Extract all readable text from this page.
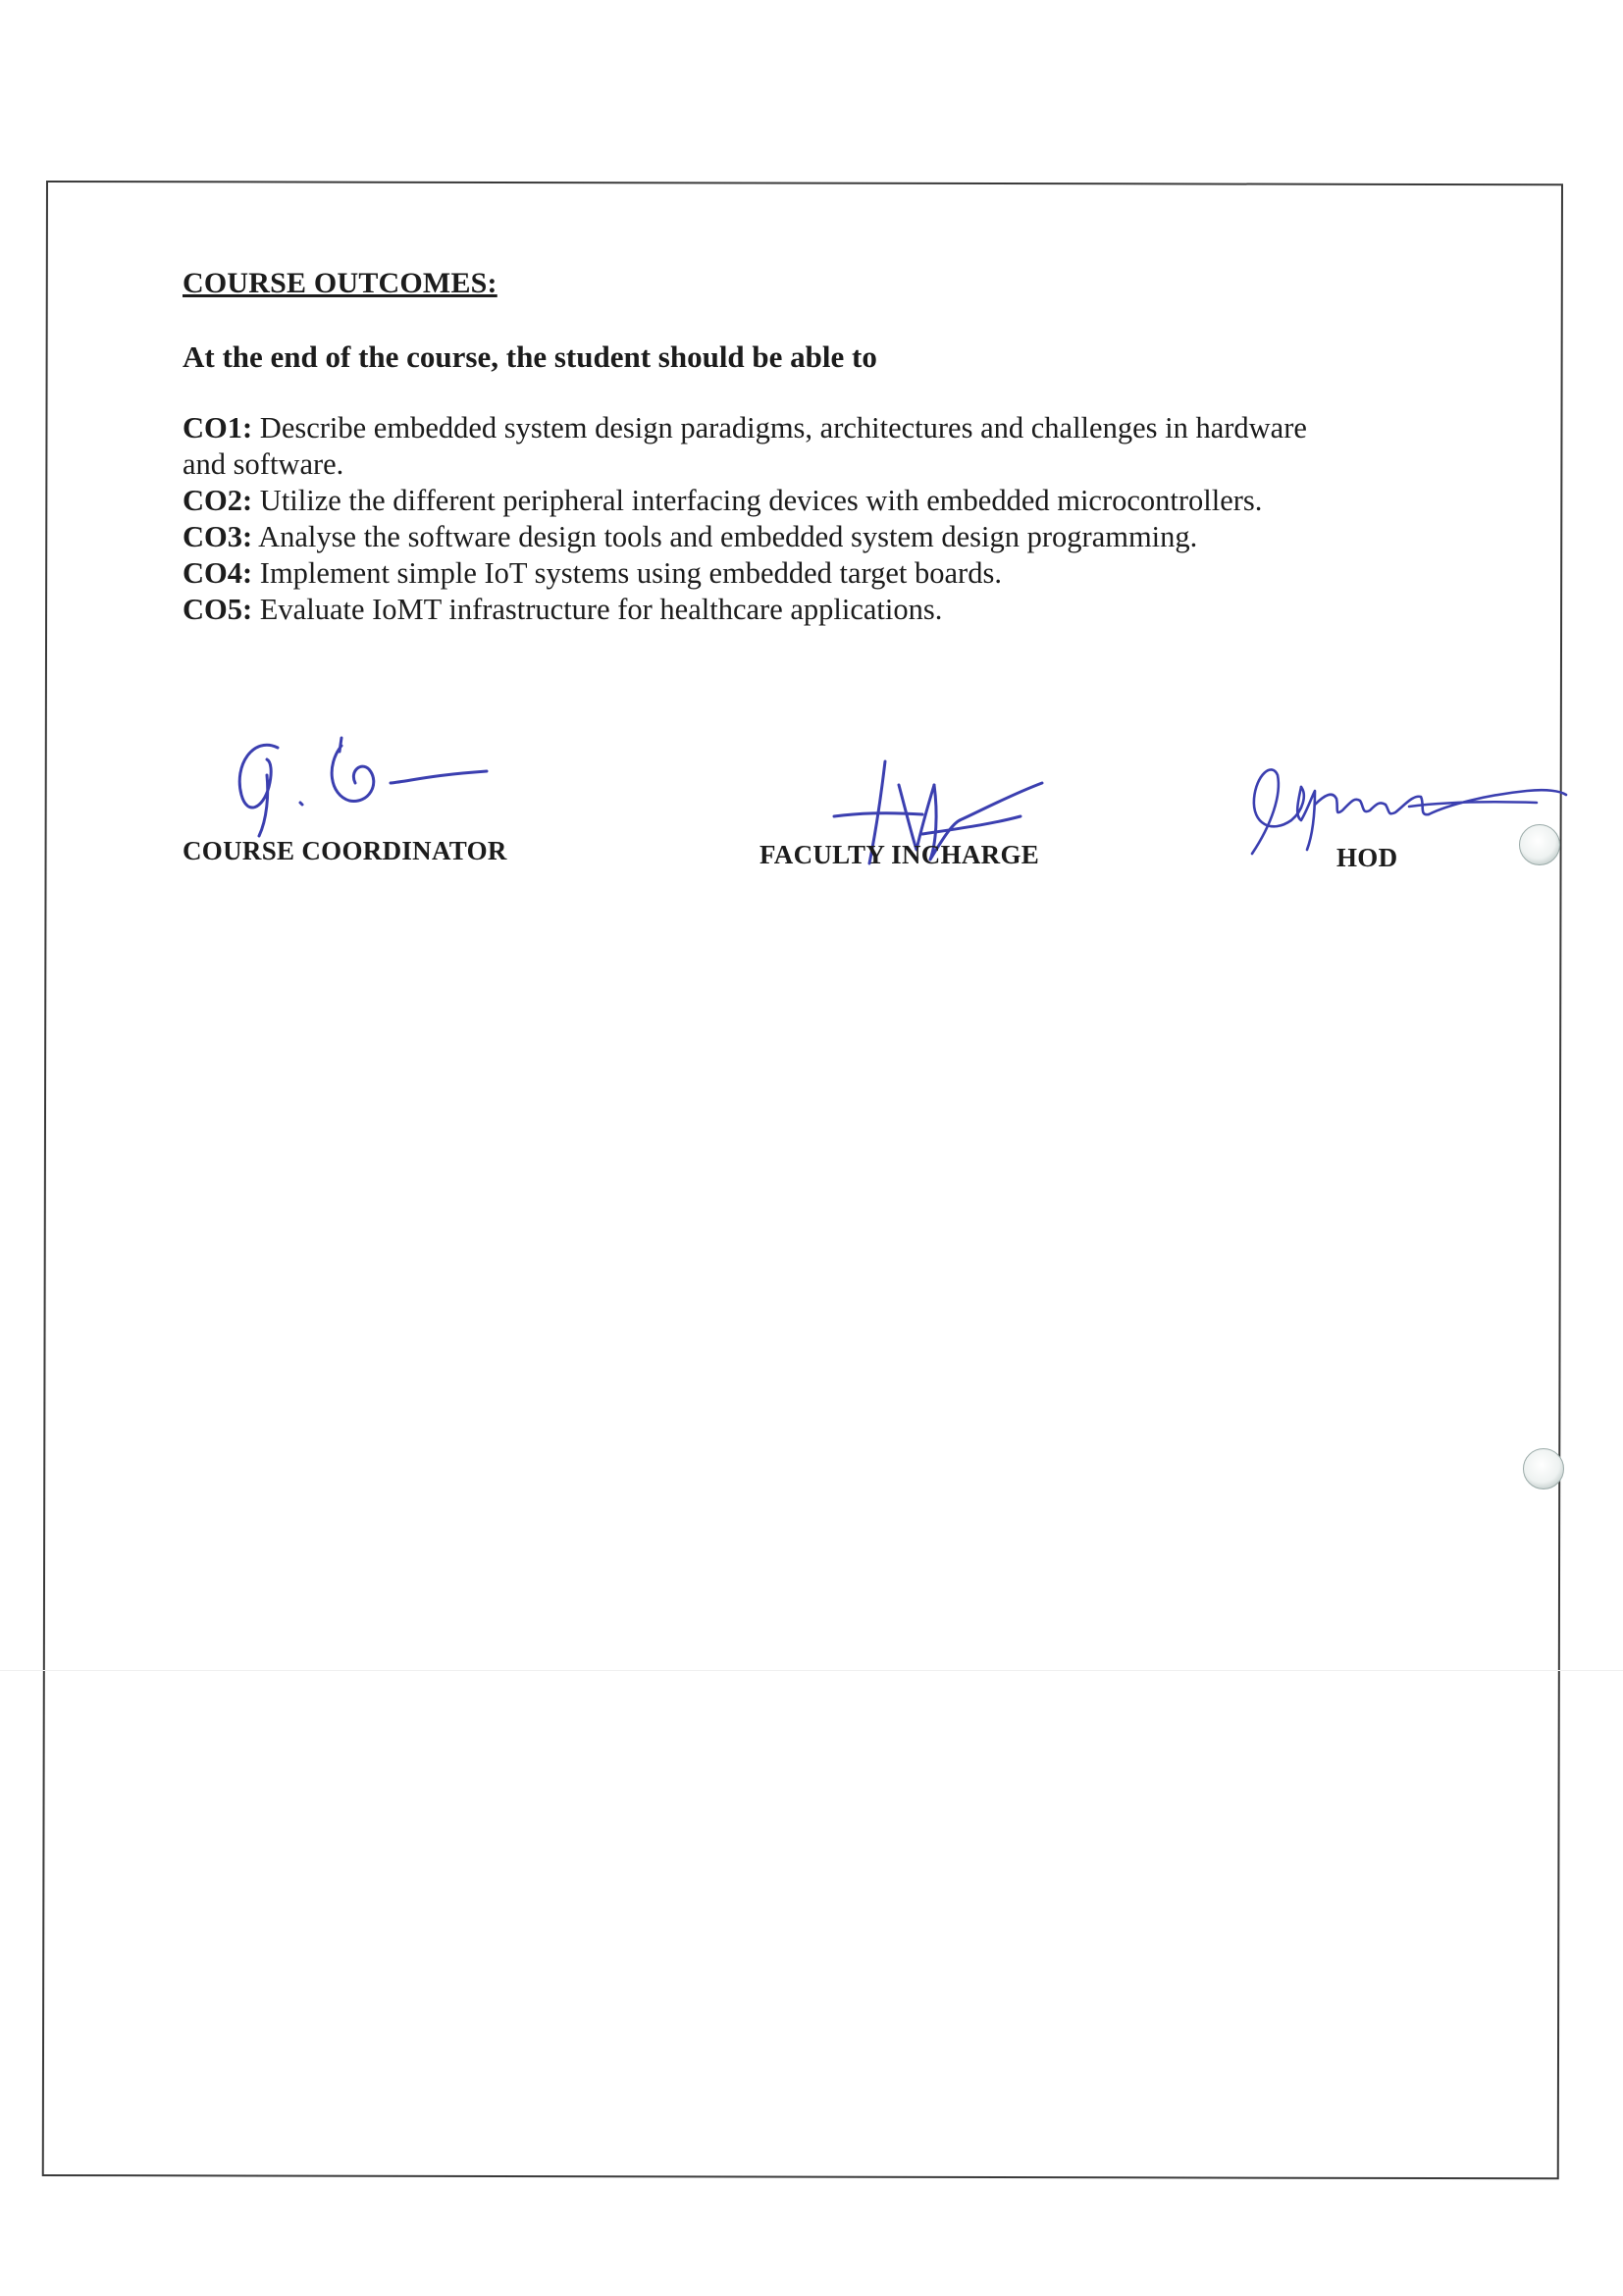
COURSE OUTCOMES:

At the end of the course, the student should be able to

CO1: Describe embedded system design paradigms, architectures and challenges in hardware

and software.

CO2: Utilize the different peripheral interfacing devices with embedded microcontrollers.

CO3: Analyse the software design tools and embedded system design programming.

CO4: Implement simple IoT systems using embedded target boards.

CO5: Evaluate IoMT infrastructure for healthcare applications.

COURSE COORDINATOR	FACULTY INCHARGE	HOD
